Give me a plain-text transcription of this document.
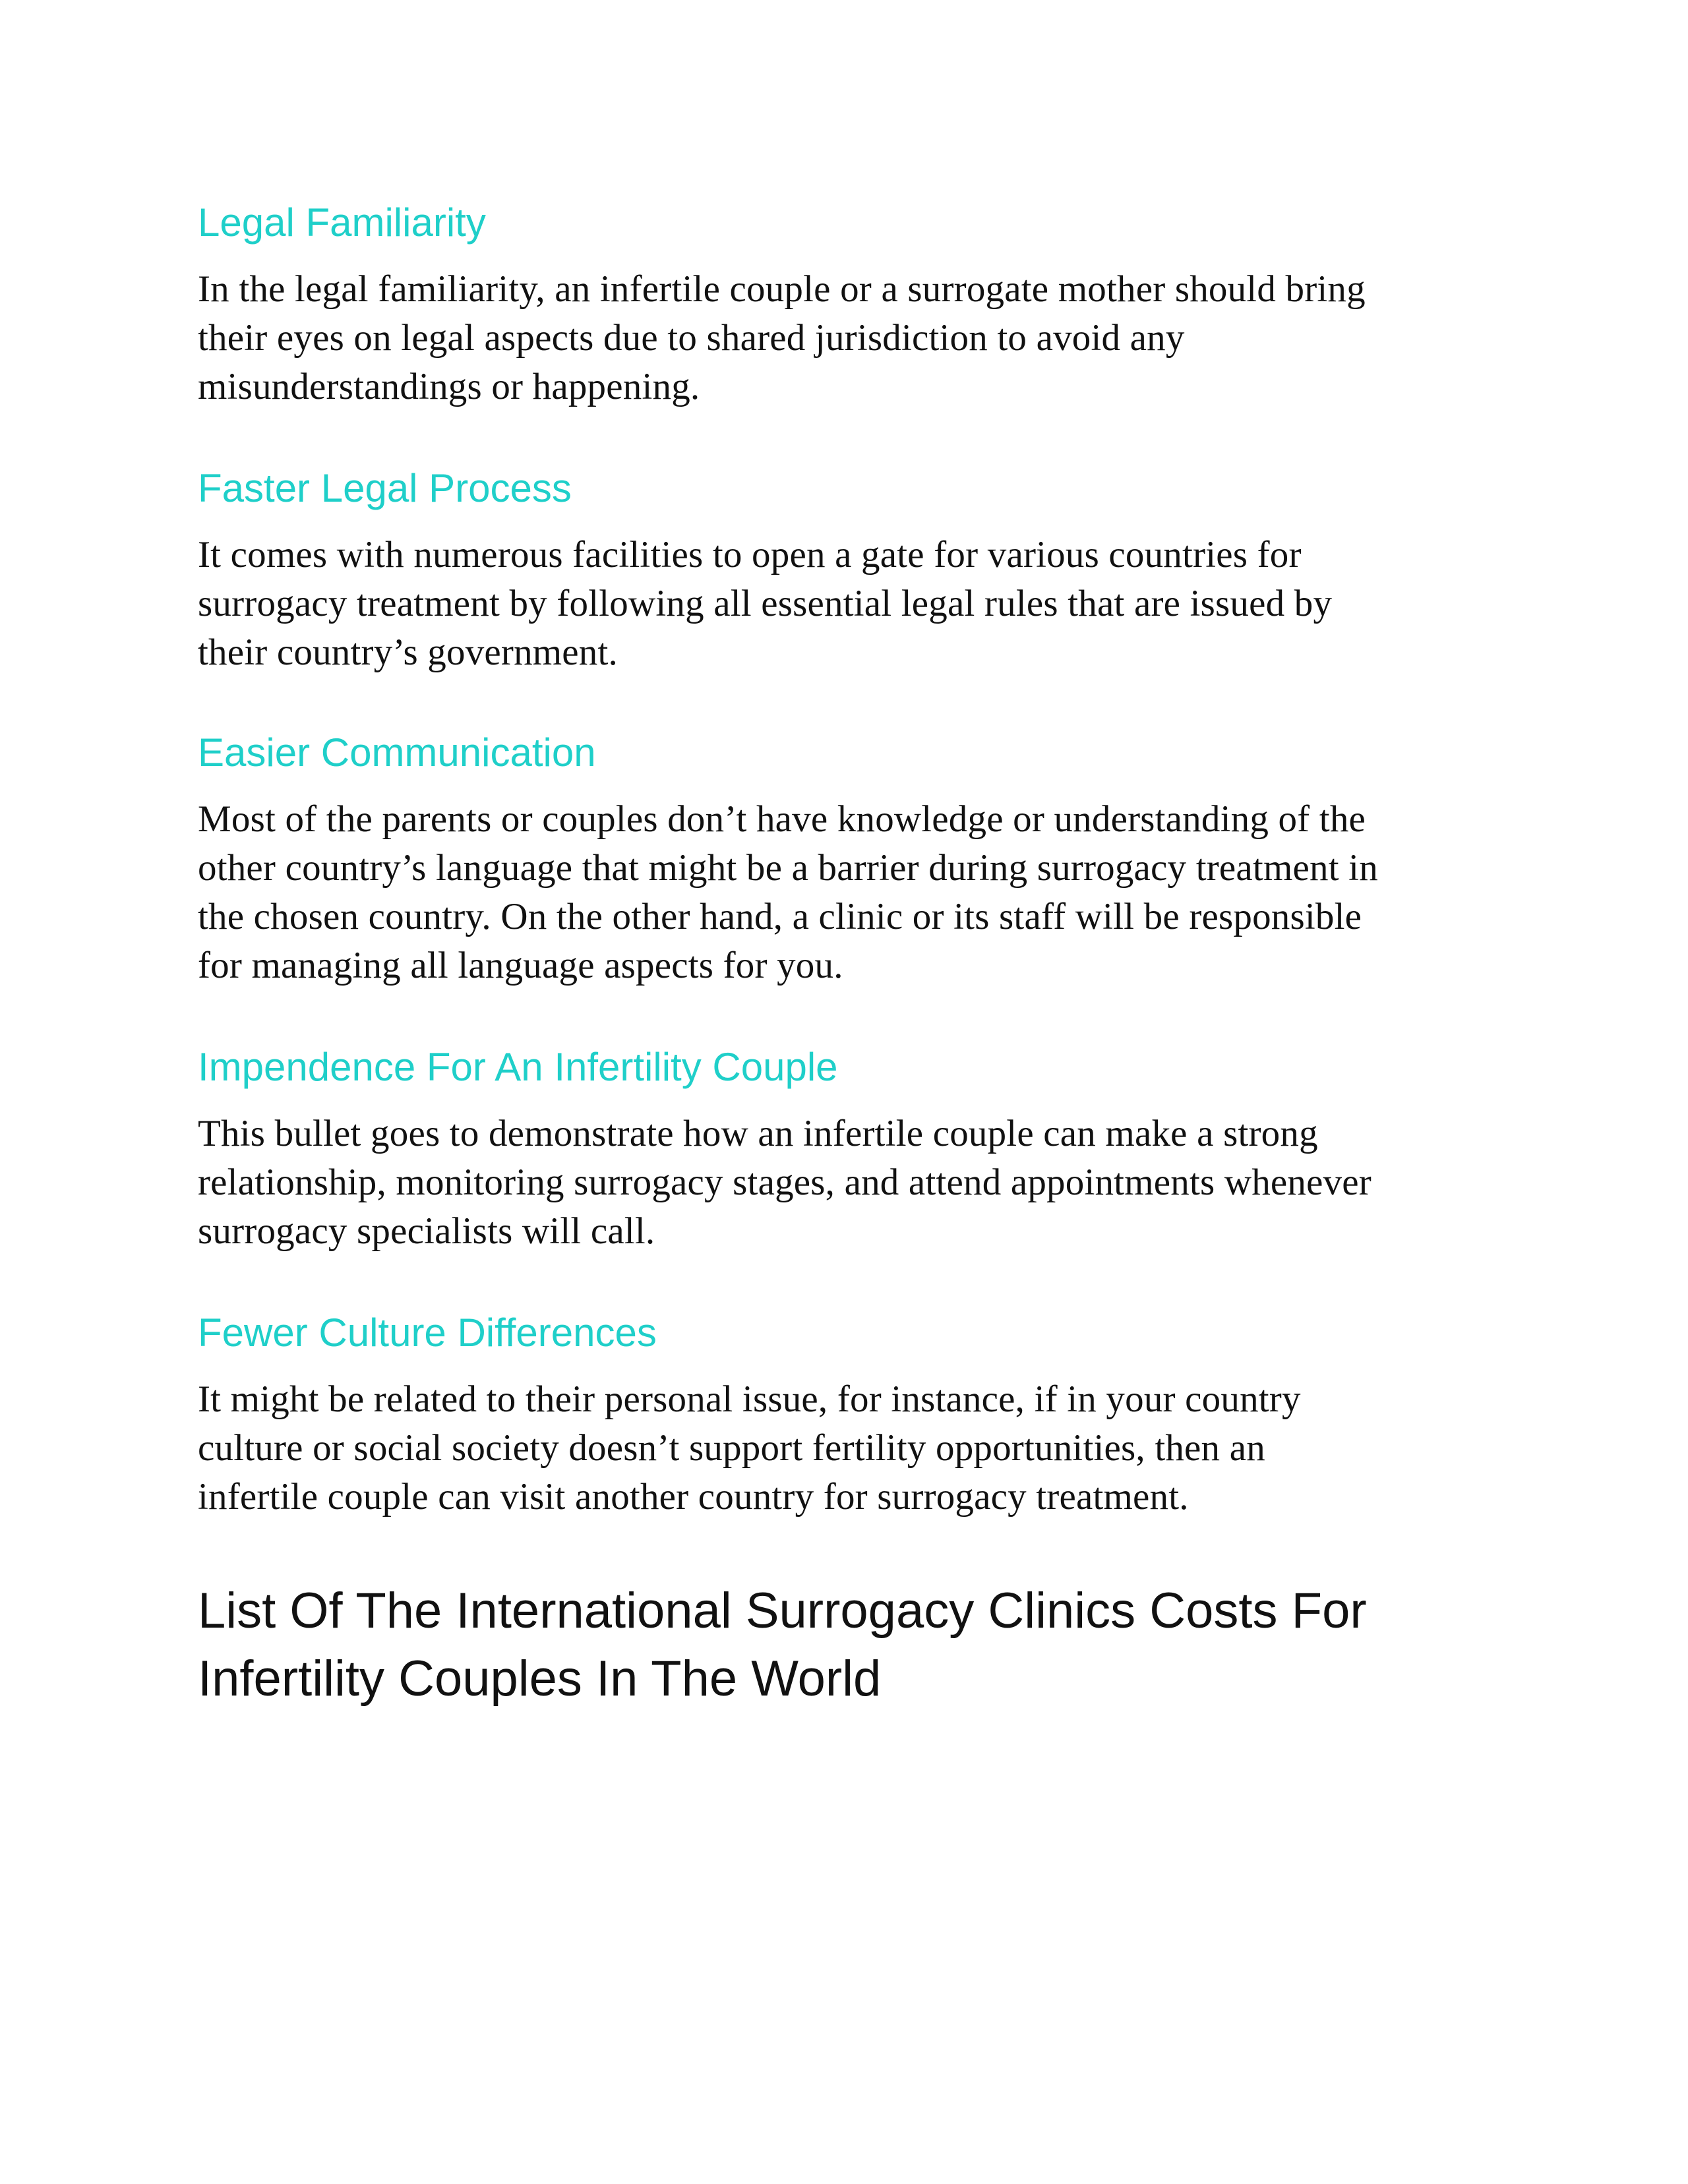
Legal Familiarity
In the legal familiarity, an infertile couple or a surrogate mother should bring
their eyes on legal aspects due to shared jurisdiction to avoid any
misunderstandings or happening.
Faster Legal Process
It comes with numerous facilities to open a gate for various countries for
surrogacy treatment by following all essential legal rules that are issued by
their country’s government.
Easier Communication
Most of the parents or couples don’t have knowledge or understanding of the
other country’s language that might be a barrier during surrogacy treatment in
the chosen country. On the other hand, a clinic or its staff will be responsible
for managing all language aspects for you.
Impendence For An Infertility Couple
This bullet goes to demonstrate how an infertile couple can make a strong
relationship, monitoring surrogacy stages, and attend appointments whenever
surrogacy specialists will call.
Fewer Culture Differences
It might be related to their personal issue, for instance, if in your country
culture or social society doesn’t support fertility opportunities, then an
infertile couple can visit another country for surrogacy treatment.
List Of The International Surrogacy Clinics Costs For
Infertility Couples In The World
